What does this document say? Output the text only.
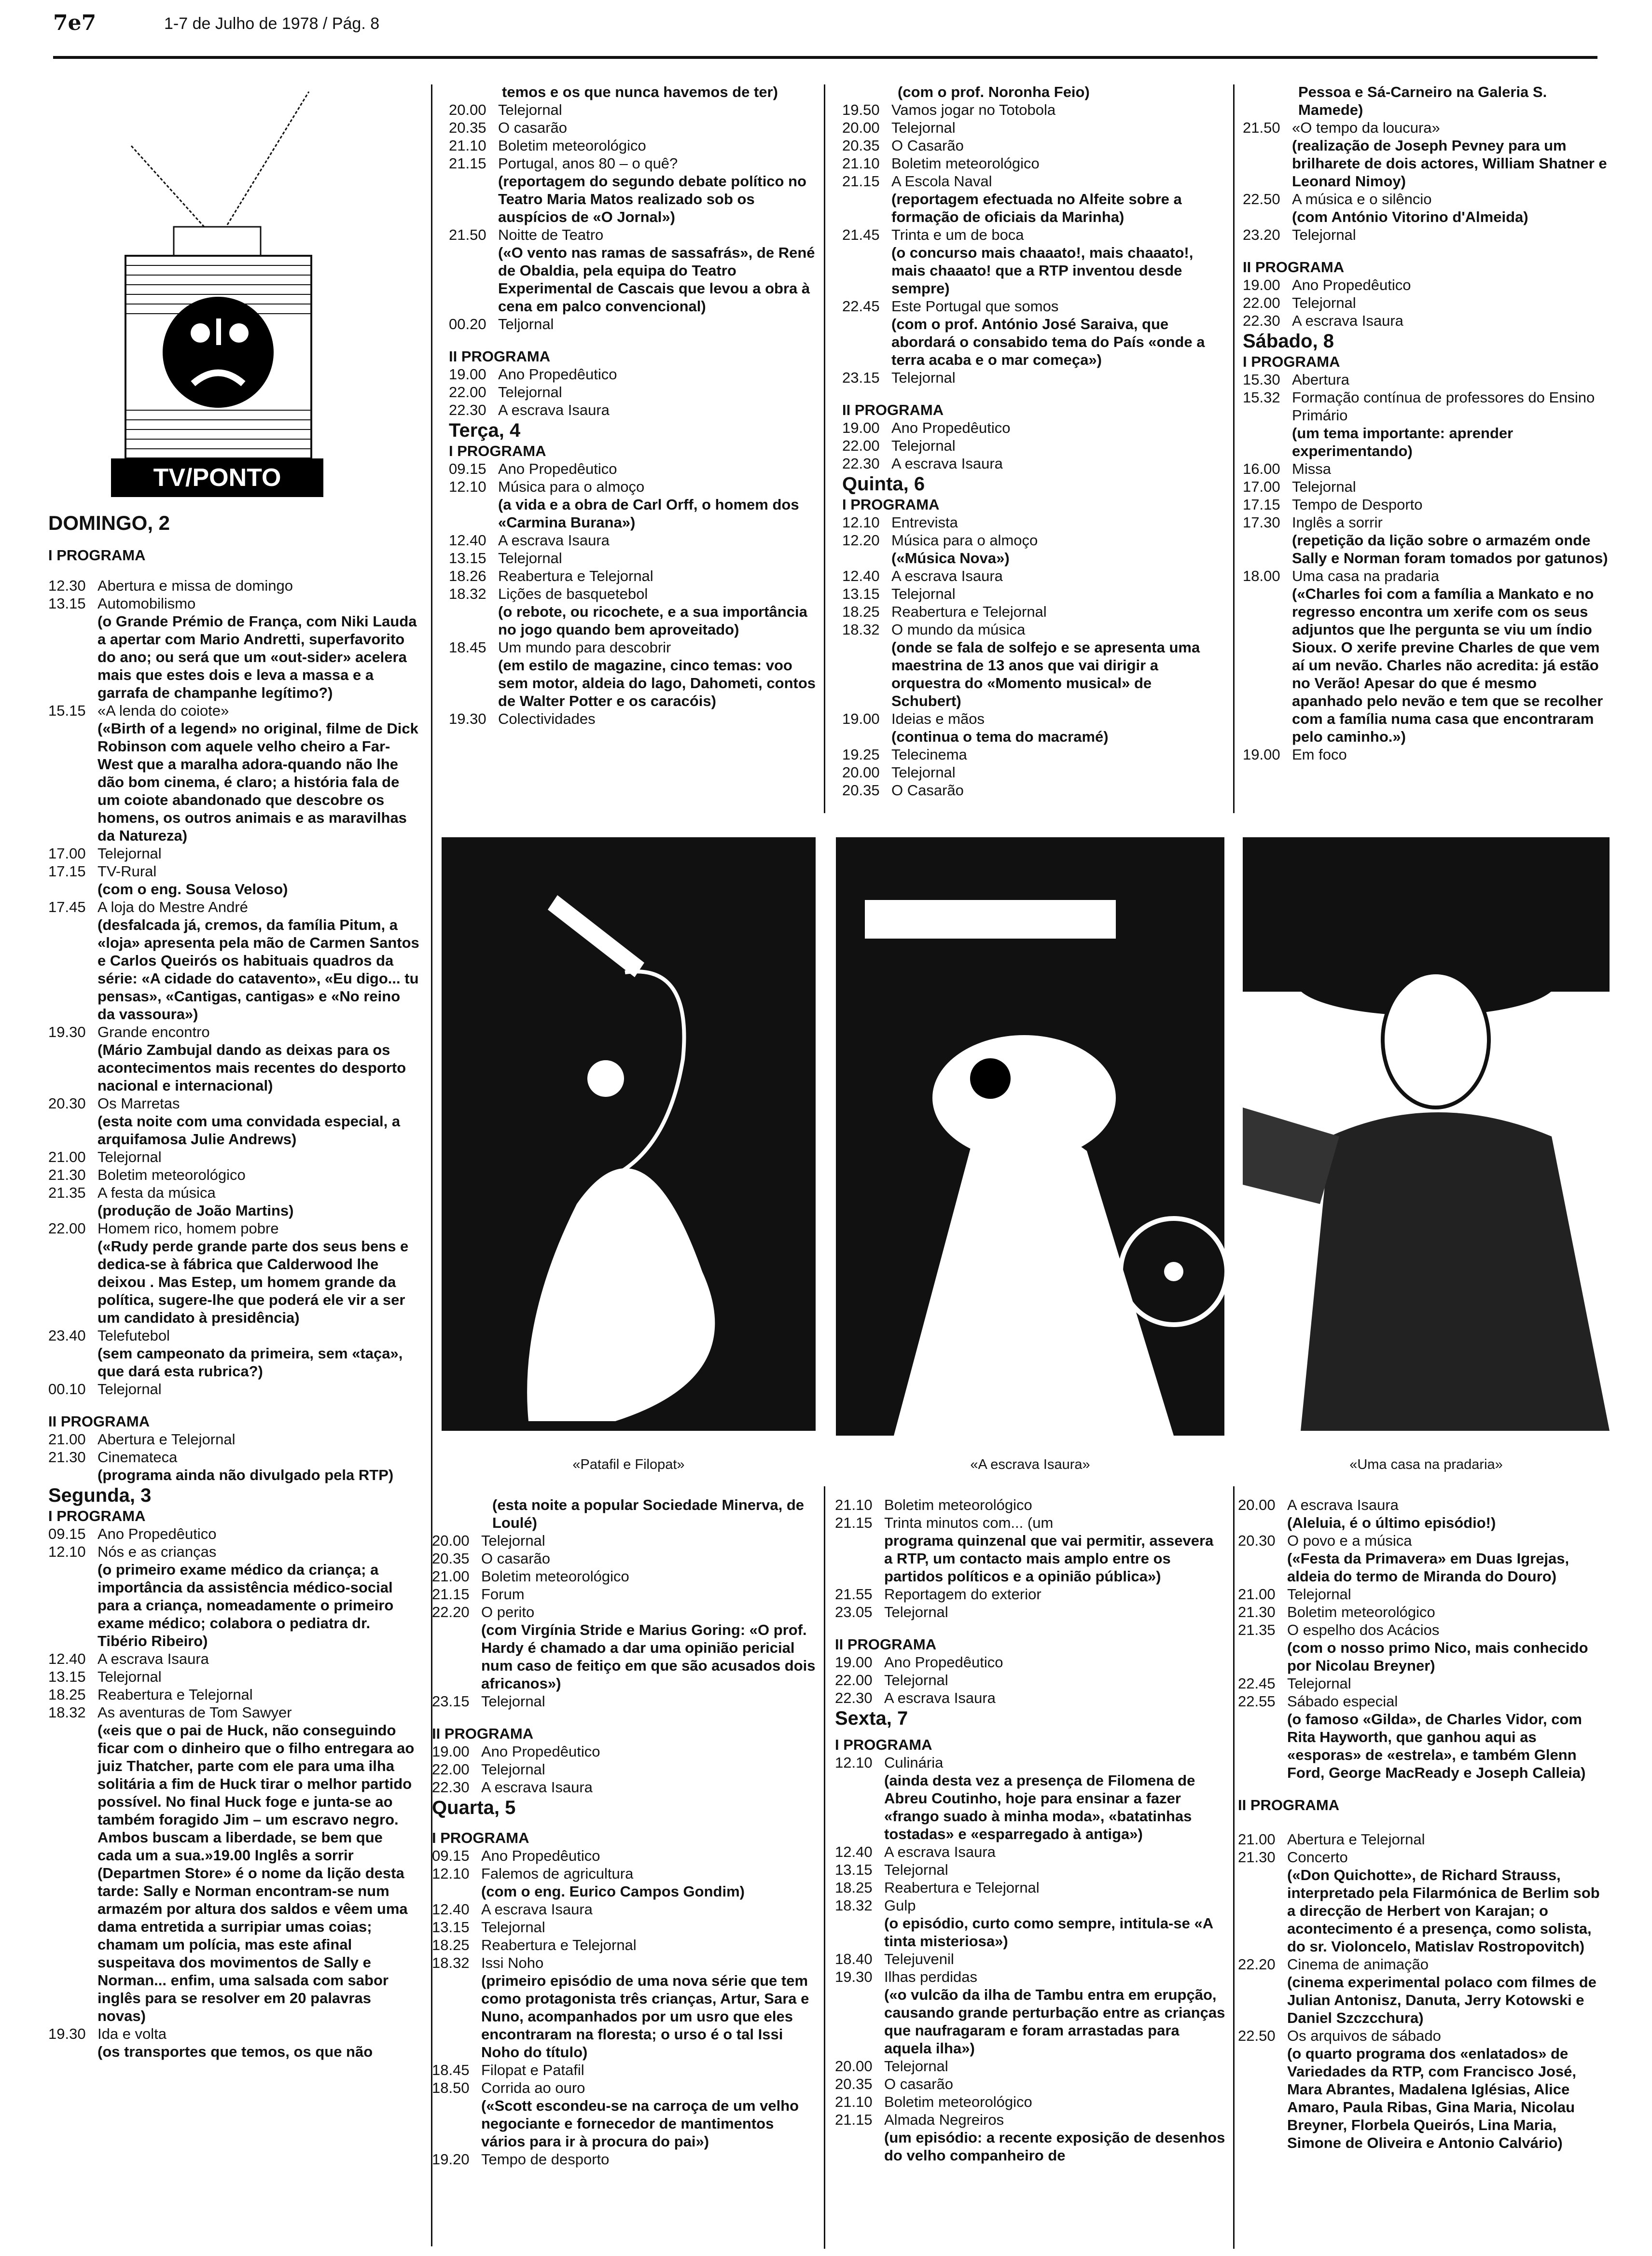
7e7	1-7 de Julho de 1978 / Pág. 8
TV/PONTO

DOMINGO, 2

I PROGRAMA

12.30 Abertura e missa de domingo
13.15 Automobilismo
(o Grande Prémio de França, com Niki Lauda a apertar com Mario Andretti, superfavorito do ano; ou será que um «out-sider» acelera mais que estes dois e leva a massa e a garrafa de champanhe legítimo?)
15.15 «A lenda do coiote»
(«Birth of a legend» no original, filme de Dick Robinson com aquele velho cheiro a Far-West que a maralha adora-quando não lhe dão bom cinema, é claro; a história fala de um coiote abandonado que descobre os homens, os outros animais e as maravilhas da Natureza)
17.00 Telejornal
17.15 TV-Rural
(com o eng. Sousa Veloso)
17.45 A loja do Mestre André
(desfalcada já, cremos, da família Pitum, a «loja» apresenta pela mão de Carmen Santos e Carlos Queirós os habituais quadros da série: «A cidade do catavento», «Eu digo... tu pensas», «Cantigas, cantigas» e «No reino da vassoura»)
19.30 Grande encontro
(Mário Zambujal dando as deixas para os acontecimentos mais recentes do desporto nacional e internacional)
20.30 Os Marretas
(esta noite com uma convidada especial, a arquifamosa Julie Andrews)
21.00 Telejornal
21.30 Boletim meteorológico
21.35 A festa da música
(produção de João Martins)
22.00 Homem rico, homem pobre
(«Rudy perde grande parte dos seus bens e dedica-se à fábrica que Calderwood lhe deixou . Mas Estep, um homem grande da política, sugere-lhe que poderá ele vir a ser um candidato à presidência)
23.40 Telefutebol
(sem campeonato da primeira, sem «taça», que dará esta rubrica?)
00.10 Telejornal

II PROGRAMA

21.00 Abertura e Telejornal
21.30 Cinemateca
(programa ainda não divulgado pela RTP)

Segunda, 3

I PROGRAMA

09.15 Ano Propedêutico
12.10 Nós e as crianças
(o primeiro exame médico da criança; a importância da assistência médico-social para a criança, nomeadamente o primeiro exame médico; colabora o pediatra dr. Tibério Ribeiro)
12.40 A escrava Isaura
13.15 Telejornal
18.25 Reabertura e Telejornal
18.32 As aventuras de Tom Sawyer
(«eis que o pai de Huck, não conseguindo ficar com o dinheiro que o filho entregara ao juiz Thatcher, parte com ele para uma ilha solitária a fim de Huck tirar o melhor partido possível. No final Huck foge e junta-se ao também foragido Jim – um escravo negro. Ambos buscam a liberdade, se bem que cada um a sua.»19.00 Inglês a sorrir (Departmen Store» é o nome da lição desta tarde: Sally e Norman encontram-se num armazém por altura dos saldos e vêem uma dama entretida a surripiar umas coias; chamam um polícia, mas este afinal suspeitava dos movimentos de Sally e Norman... enfim, uma salsada com sabor inglês para se resolver em 20 palavras novas)
19.30 Ida e volta
(os transportes que temos, os que não

temos e os que nunca havemos de ter)

20.00 Telejornal
20.35 O casarão
21.10 Boletim meteorológico
21.15 Portugal, anos 80 – o quê?
(reportagem do segundo debate político no Teatro Maria Matos realizado sob os auspícios de «O Jornal»)
21.50 Noitte de Teatro
(«O vento nas ramas de sassafrás», de René de Obaldia, pela equipa do Teatro Experimental de Cascais que levou a obra à cena em palco convencional)
00.20 Teljornal

II PROGRAMA

19.00 Ano Propedêutico
22.00 Telejornal
22.30 A escrava Isaura

Terça, 4

I PROGRAMA

09.15 Ano Propedêutico
12.10 Música para o almoço
(a vida e a obra de Carl Orff, o homem dos «Carmina Burana»)
12.40 A escrava Isaura
13.15 Telejornal
18.26 Reabertura e Telejornal
18.32 Lições de basquetebol
(o rebote, ou ricochete, e a sua importância no jogo quando bem aproveitado)
18.45 Um mundo para descobrir
(em estilo de magazine, cinco temas: voo sem motor, aldeia do lago, Dahometi, contos de Walter Potter e os caracóis)
19.30 Colectividades

(com o prof. Noronha Feio)

19.50 Vamos jogar no Totobola
20.00 Telejornal
20.35 O Casarão
21.10 Boletim meteorológico
21.15 A Escola Naval
(reportagem efectuada no Alfeite sobre a formação de oficiais da Marinha)
21.45 Trinta e um de boca
(o concurso mais chaaato!, mais chaaato!, mais chaaato! que a RTP inventou desde sempre)
22.45 Este Portugal que somos
(com o prof. António José Saraiva, que abordará o consabido tema do País «onde a terra acaba e o mar começa»)
23.15 Telejornal

II PROGRAMA

19.00 Ano Propedêutico
22.00 Telejornal
22.30 A escrava Isaura

Quinta, 6

I PROGRAMA

12.10 Entrevista
12.20 Música para o almoço
(«Música Nova»)
12.40 A escrava Isaura
13.15 Telejornal
18.25 Reabertura e Telejornal
18.32 O mundo da música
(onde se fala de solfejo e se apresenta uma maestrina de 13 anos que vai dirigir a orquestra do «Momento musical» de Schubert)
19.00 Ideias e mãos
(continua o tema do macramé)
19.25 Telecinema
20.00 Telejornal
20.35 O Casarão

Pessoa e Sá-Carneiro na Galeria S. Mamede)

21.50 «O tempo da loucura»
(realização de Joseph Pevney para um brilharete de dois actores, William Shatner e Leonard Nimoy)
22.50 A música e o silêncio
(com António Vitorino d'Almeida)
23.20 Telejornal

II PROGRAMA

19.00 Ano Propedêutico
22.00 Telejornal
22.30 A escrava Isaura

Sábado, 8

I PROGRAMA

15.30 Abertura
15.32 Formação contínua de professores do Ensino Primário
(um tema importante: aprender experimentando)
16.00 Missa
17.00 Telejornal
17.15 Tempo de Desporto
17.30 Inglês a sorrir
(repetição da lição sobre o armazém onde Sally e Norman foram tomados por gatunos)
18.00 Uma casa na pradaria
(«Charles foi com a família a Mankato e no regresso encontra um xerife com os seus adjuntos que lhe pergunta se viu um índio Sioux. O xerife previne Charles de que vem aí um nevão. Charles não acredita: já estão no Verão! Apesar do que é mesmo apanhado pelo nevão e tem que se recolher com a família numa casa que encontraram pelo caminho.»)
19.00 Em foco

«Patafil e Filopat»	«A escrava Isaura»	«Uma casa na pradaria»

(esta noite a popular Sociedade Minerva, de Loulé)

20.00 Telejornal
20.35 O casarão
21.00 Boletim meteorológico
21.15 Forum
22.20 O perito
(com Virgínia Stride e Marius Goring: «O prof. Hardy é chamado a dar uma opinião pericial num caso de feitiço em que são acusados dois africanos»)
23.15 Telejornal

II PROGRAMA

19.00 Ano Propedêutico
22.00 Telejornal
22.30 A escrava Isaura

Quarta, 5

I PROGRAMA

09.15 Ano Propedêutico
12.10 Falemos de agricultura
(com o eng. Eurico Campos Gondim)
12.40 A escrava Isaura
13.15 Telejornal
18.25 Reabertura e Telejornal
18.32 Issi Noho
(primeiro episódio de uma nova série que tem como protagonista três crianças, Artur, Sara e Nuno, acompanhados por um usro que eles encontraram na floresta; o urso é o tal Issi Noho do título)
18.45 Filopat e Patafil
18.50 Corrida ao ouro
(«Scott escondeu-se na carroça de um velho negociante e fornecedor de mantimentos vários para ir à procura do pai»)
19.20 Tempo de desporto
21.10 Boletim meteorológico
21.15 Trinta minutos com... (um
programa quinzenal que vai permitir, assevera a RTP, um contacto mais amplo entre os partidos políticos e a opinião pública»)
21.55 Reportagem do exterior
23.05 Telejornal

II PROGRAMA

19.00 Ano Propedêutico
22.00 Telejornal
22.30 A escrava Isaura

Sexta, 7

I PROGRAMA

12.10 Culinária
(ainda desta vez a presença de Filomena de Abreu Coutinho, hoje para ensinar a fazer «frango suado à minha moda», «batatinhas tostadas» e «esparregado à antiga»)
12.40 A escrava Isaura
13.15 Telejornal
18.25 Reabertura e Telejornal
18.32 Gulp
(o episódio, curto como sempre, intitula-se «A tinta misteriosa»)
18.40 Telejuvenil
19.30 Ilhas perdidas
(«o vulcão da ilha de Tambu entra em erupção, causando grande perturbação entre as crianças que naufragaram e foram arrastadas para aquela ilha»)
20.00 Telejornal
20.35 O casarão
21.10 Boletim meteorológico
21.15 Almada Negreiros
(um episódio: a recente exposição de desenhos do velho companheiro de
20.00 A escrava Isaura
(Aleluia, é o último episódio!)
20.30 O povo e a música
(«Festa da Primavera» em Duas Igrejas, aldeia do termo de Miranda do Douro)
21.00 Telejornal
21.30 Boletim meteorológico
21.35 O espelho dos Acácios
(com o nosso primo Nico, mais conhecido por Nicolau Breyner)
22.45 Telejornal
22.55 Sábado especial
(o famoso «Gilda», de Charles Vidor, com Rita Hayworth, que ganhou aqui as «esporas» de «estrela», e também Glenn Ford, George MacReady e Joseph Calleia)

II PROGRAMA

21.00 Abertura e Telejornal
21.30 Concerto
(«Don Quichotte», de Richard Strauss, interpretado pela Filarmónica de Berlim sob a direcção de Herbert von Karajan; o acontecimento é a presença, como solista, do sr. Violoncelo, Matislav Rostropovitch)
22.20 Cinema de animação
(cinema experimental polaco com filmes de Julian Antonisz, Danuta, Jerry Kotowski e Daniel Szczcchura)
22.50 Os arquivos de sábado
(o quarto programa dos «enlatados» de Variedades da RTP, com Francisco José, Mara Abrantes, Madalena Iglésias, Alice Amaro, Paula Ribas, Gina Maria, Nicolau Breyner, Florbela Queirós, Lina Maria, Simone de Oliveira e Antonio Calvário)
